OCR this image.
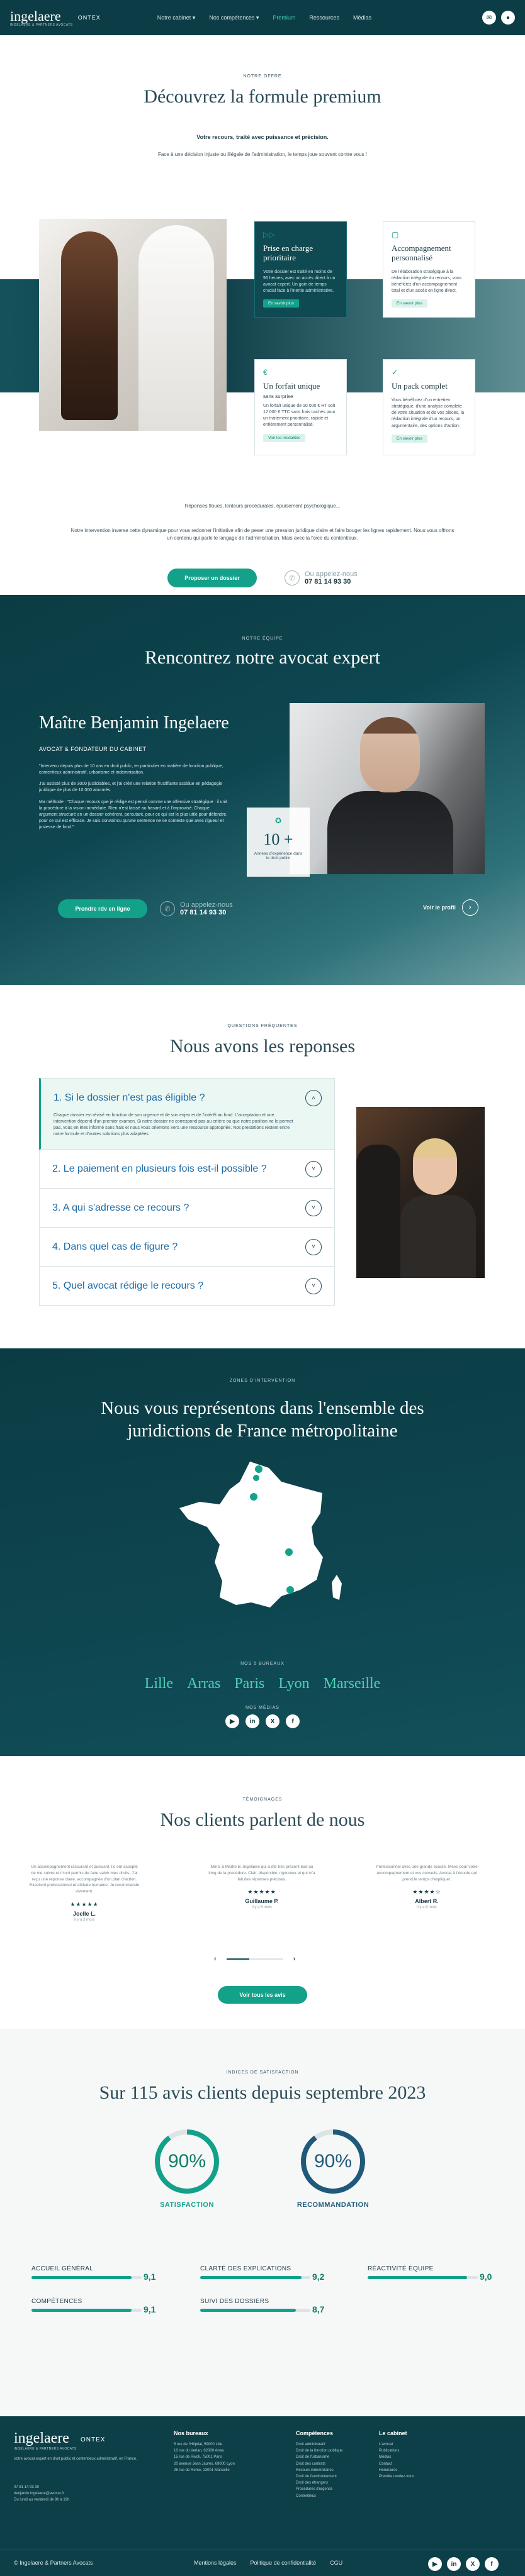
ingelaere
INGELAERE & PARTNERS AVOCATS
ONTEX	Notre cabinet ▾ Nos compétences ▾ Premium Ressources Médias	✉	●
NOTRE OFFRE
Découvrez la formule premium

Votre recours, traité avec puissance et précision.

Face à une décision injuste ou illégale de l'administration, le temps joue souvent contre vous !

▷▷
Prise en charge prioritaire

Votre dossier est traité en moins de 96 heures, avec un accès direct à un avocat expert. Un gain de temps crucial face à l'inertie administrative.

En savoir plus
▢
Accompagnement personnalisé

De l'élaboration stratégique à la rédaction intégrale du recours, vous bénéficiez d'un accompagnement total et d'un accès en ligne direct.

En savoir plus
€
Un forfait unique
sans surprise

Un forfait unique de 10 000 € HT soit 12 000 € TTC sans frais cachés pour un traitement prioritaire, rapide et entièrement personnalisé.

Voir les modalités
✓
Un pack complet

Vous bénéficiez d'un entretien stratégique, d'une analyse complète de votre situation et de vos pièces, la rédaction intégrale d'un recours, un argumentaire, des options d'action.

En savoir plus

Réponses floues, lenteurs procédurales, épuisement psychologique...

Notre intervention inverse cette dynamique pour vous redonner l'initiative afin de peser une pression juridique claire et faire bouger les lignes rapidement. Nous vous offrons un contenu qui parle le langage de l'administration. Mais avec la force du contentieux.

Proposer un dossier	✆
Ou appelez-nous
07 81 14 93 30
NOTRE ÉQUIPE
Rencontrez notre avocat expert
Maître Benjamin Ingelaere
AVOCAT & FONDATEUR DU CABINET

"Intervenu depuis plus de 10 ans en droit public, en particulier en matière de fonction publique, contentieux administratif, urbanisme et indemnisation.

J'ai assisté plus de 3000 justiciables, et j'ai créé une relation fructifiante assidue en pédagogie juridique de plus de 10 000 abonnés.

Ma méthode : "Chaque recours que je rédige est pensé comme une offensive stratégique : il unit la procédure à la vision immédiate. Rien n'est laissé au hasard et à l'improvisé. Chaque argument structuré en un dossier cohérent, percutant, pour ce qui est le plus utile pour défendre, pour ce qui est efficace. Je suis convaincu qu'une sentence ne se conteste que avec rigueur et justesse de fond."

✪
10 +
Années d'expérience dans le droit public
Prendre rdv en ligne	✆
Ou appelez-nous
07 81 14 93 30
Voir le profil	›
QUESTIONS FRÉQUENTES
Nous avons les reponses
1. Si le dossier n'est pas éligible ?	˄

Chaque dossier est révisé en fonction de son urgence et de son enjeu et de l'intérêt au fond. L'acceptation et une intervention dépend d'un premier examen. Si notre dossier ne correspond pas au critère ou que notre position ne le permet pas, vous en êtes informé sans frais et nous vous orientons vers une ressource appropriée. Nos prestations restent entre notre formule et d'autres solutions plus adaptées.

2. Le paiement en plusieurs fois est-il possible ?	˅
3. A qui s'adresse ce recours ?	˅
4. Dans quel cas de figure ?	˅
5. Quel avocat rédige le recours ?	˅
ZONES D'INTERVENTION
Nous vous représentons dans l'ensemble des juridictions de France métropolitaine
NOS 5 BUREAUX
Lille Arras Paris Lyon Marseille
NOS MÉDIAS
▶	in	X	f
TÉMOIGNAGES
Nos clients parlent de nous

Un accompagnement rassurant et puissant. Ils ont accepté de me suivre et m'ont permis de faire valoir mes droits. J'ai reçu une réponse claire, accompagnée d'un plan d'action. Excellent professionnel et attitude humaine. Je recommande vivement.

★★★★★
Joelle L.
il y a 3 mois

Merci à Maître B. Ingelaere qui a été très présent tout au long de la procédure. Clair, disponible, rigoureux et qui m'a fait des réponses précises.

★★★★★
Guillaume P.
il y a 5 mois

Professionnel avec une grande écoute. Merci pour votre accompagnement et vos conseils. Avocat à l'écoute qui prend le temps d'expliquer.

★★★★☆
Albert R.
il y a 6 mois
‹	›
Voir tous les avis
INDICES DE SATISFACTION
Sur 115 avis clients depuis septembre 2023
90%	90%
SATISFACTION	RECOMMANDATION
ACCUEIL GÉNÉRAL
9,1
CLARTÉ DES EXPLICATIONS
9,2
RÉACTIVITÉ ÉQUIPE
9,0
COMPÉTENCES
9,1
SUIVI DES DOSSIERS
8,7
ingelaere
INGELAERE & PARTNERS AVOCATS
ONTEX

Votre avocat expert en droit public et contentieux administratif, en France.

07 81 14 93 30
benjamin.ingelaere@avocat.fr
Du lundi au vendredi de 9h à 19h
Nos bureaux
5 rue de l'Hôpital, 59000 Lille
10 rue du Verlan, 62000 Arras
15 rue de Rivoli, 75001 Paris
20 avenue Jean Jaurès, 69000 Lyon
25 rue de Rome, 13001 Marseille
Compétences
Droit administratif
Droit de la fonction publique
Droit de l'urbanisme
Droit des contrats
Recours indemnitaires
Droit de l'environnement
Droit des étrangers
Procédures d'urgence
Contentieux
Le cabinet
L'avocat
Publications
Médias
Contact
Honoraires
Prendre rendez-vous
© Ingelaere & Partners Avocats	Mentions légales Politique de confidentialité CGU	▶	in	X	f
